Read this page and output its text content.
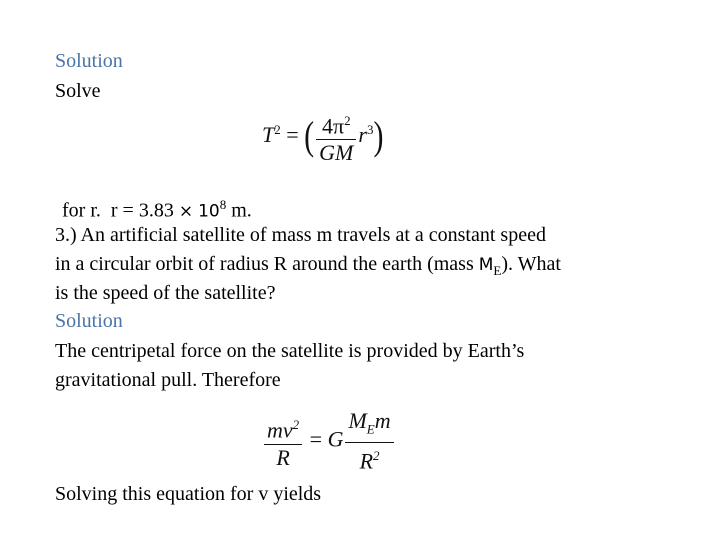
Solution

Solve

$T^2$ = ( $\frac{4\pi^2}{GM} r^3$)

for r. $r = 3.83 \times 10^8$ m.

3.) An artificial satellite of mass m travels at a constant speed

in a circular orbit of radius R around the earth (mass $M_E$). What

is the speed of the satellite?

Solution

The centripetal force on the satellite is provided by Earth’s

gravitational pull. Therefore

$\frac{mv^2}{R} = G \frac{M_Em}{R^2}$

Solving this equation for v yields
